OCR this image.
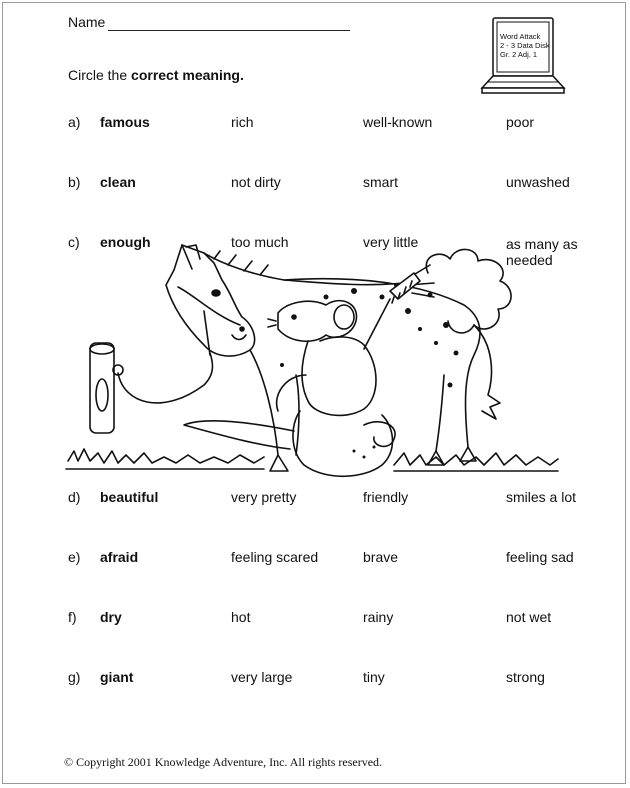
Name
Circle the correct meaning.
Word Attack
2 - 3 Data Disk
Gr. 2 Adj. 1
a) famous	rich	well-known	poor
b) clean	not dirty	smart	unwashed
c) enough	too much	very little	as many as needed
d) beautiful	very pretty	friendly	smiles a lot
e) afraid	feeling scared	brave	feeling sad
f) dry	hot	rainy	not wet
g) giant	very large	tiny	strong
© Copyright 2001 Knowledge Adventure, Inc. All rights reserved.
